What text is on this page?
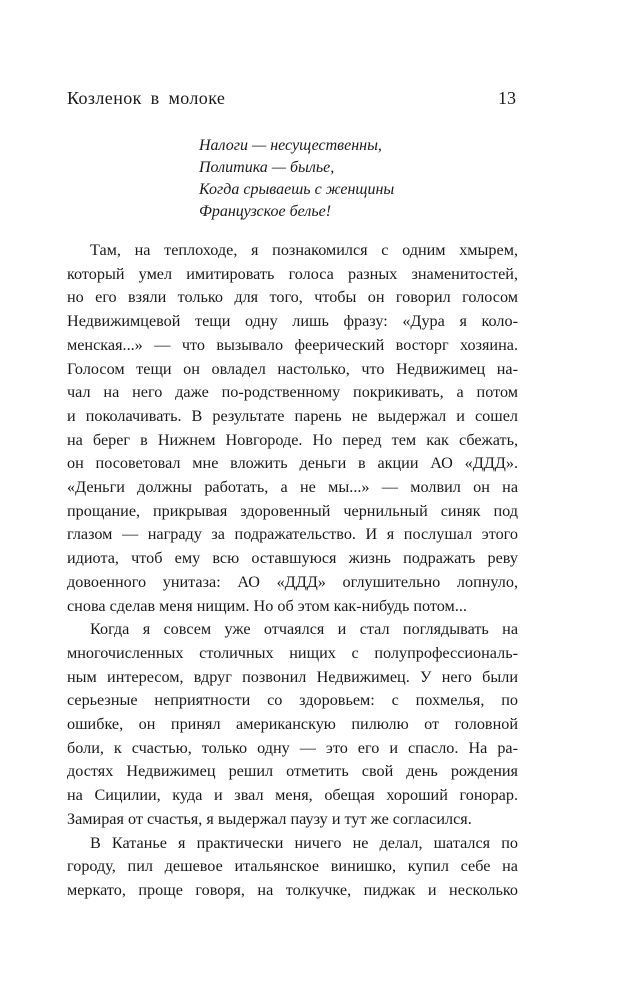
Козленок в молоке	13
Налоги — несущественны,
Политика — былье,
Когда срываешь с женщины
Французское белье!
Там, на теплоходе, я познакомился с одним хмырем,
который умел имитировать голоса разных знаменитостей,
но его взяли только для того, чтобы он говорил голосом
Недвижимцевой тещи одну лишь фразу: «Дура я коло-
менская...» — что вызывало феерический восторг хозяина.
Голосом тещи он овладел настолько, что Недвижимец на-
чал на него даже по-родственному покрикивать, а потом
и поколачивать. В результате парень не выдержал и сошел
на берег в Нижнем Новгороде. Но перед тем как сбежать,
он посоветовал мне вложить деньги в акции АО «ДДД».
«Деньги должны работать, а не мы...» — молвил он на
прощание, прикрывая здоровенный чернильный синяк под
глазом — награду за подражательство. И я послушал этого
идиота, чтоб ему всю оставшуюся жизнь подражать реву
довоенного унитаза: АО «ДДД» оглушительно лопнуло,
снова сделав меня нищим. Но об этом как-нибудь потом...
Когда я совсем уже отчаялся и стал поглядывать на
многочисленных столичных нищих с полупрофессиональ-
ным интересом, вдруг позвонил Недвижимец. У него были
серьезные неприятности со здоровьем: с похмелья, по
ошибке, он принял американскую пилюлю от головной
боли, к счастью, только одну — это его и спасло. На ра-
достях Недвижимец решил отметить свой день рождения
на Сицилии, куда и звал меня, обещая хороший гонорар.
Замирая от счастья, я выдержал паузу и тут же согласился.
В Катанье я практически ничего не делал, шатался по
городу, пил дешевое итальянское винишко, купил себе на
меркато, проще говоря, на толкучке, пиджак и несколько
